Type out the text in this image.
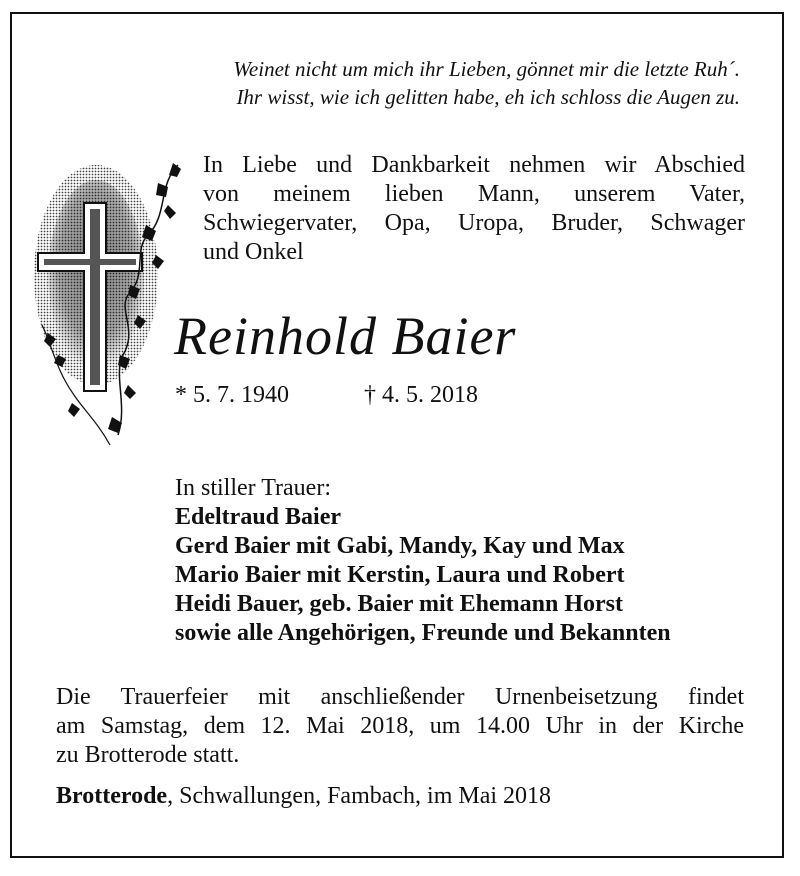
Weinet nicht um mich ihr Lieben, gönnet mir die letzte Ruh´.
Ihr wisst, wie ich gelitten habe, eh ich schloss die Augen zu.
In Liebe und Dankbarkeit nehmen wir Abschied
von meinem lieben Mann, unserem Vater,
Schwiegervater, Opa, Uropa, Bruder, Schwager
und Onkel
Reinhold Baier
* 5. 7. 1940	† 4. 5. 2018
In stiller Trauer:
Edeltraud Baier
Gerd Baier mit Gabi, Mandy, Kay und Max
Mario Baier mit Kerstin, Laura und Robert
Heidi Bauer, geb. Baier mit Ehemann Horst
sowie alle Angehörigen, Freunde und Bekannten
Die Trauerfeier mit anschließender Urnenbeisetzung findet
am Samstag, dem 12. Mai 2018, um 14.00 Uhr in der Kirche
zu Brotterode statt.
Brotterode, Schwallungen, Fambach, im Mai 2018
